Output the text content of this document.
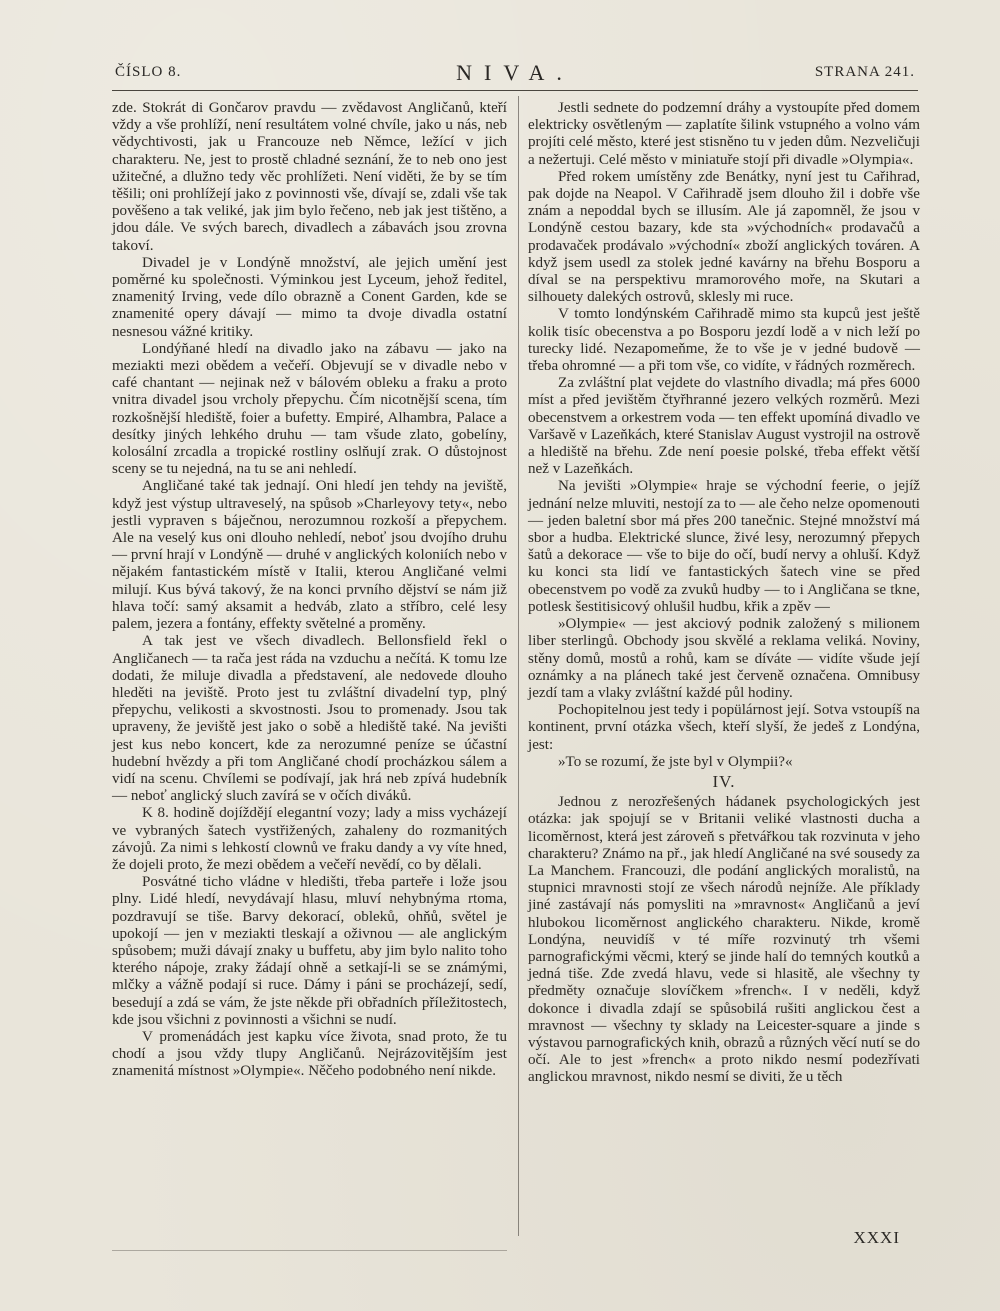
ČÍSLO 8.	NIVA.	STRANA 241.

zde. Stokrát di Gončarov pravdu — zvědavost Angličanů, kteří vždy a vše prohlíží, není resultátem volné chvíle, jako u nás, neb vědychtivosti, jak u Francouze neb Němce, ležící v jich charakteru. Ne, jest to prostě chladné seznání, že to neb ono jest užitečné, a dlužno tedy věc prohlížeti. Není viděti, že by se tím těšili; oni prohlížejí jako z povinnosti vše, dívají se, zdali vše tak pověšeno a tak veliké, jak jim bylo řečeno, neb jak jest tištěno, a jdou dále. Ve svých barech, divadlech a zábavách jsou zrovna takoví.

Divadel je v Londýně množství, ale jejich umění jest poměrné ku společnosti. Výminkou jest Lyceum, jehož ředitel, znamenitý Irving, vede dílo obrazně a Conent Garden, kde se znamenité opery dávají — mimo ta dvoje divadla ostatní nesnesou vážné kritiky.

Londýňané hledí na divadlo jako na zábavu — jako na meziakti mezi obědem a večeří. Objevují se v divadle nebo v café chantant — nejinak než v bálovém obleku a fraku a proto vnitra divadel jsou vrcholy přepychu. Čím nicotnější scena, tím rozkošnější hlediště, foier a bufetty. Empiré, Alhambra, Palace a desítky jiných lehkého druhu — tam všude zlato, gobelíny, kolosální zrcadla a tropické rostliny oslňují zrak. O důstojnost sceny se tu nejedná, na tu se ani nehledí.

Angličané také tak jednají. Oni hledí jen tehdy na jeviště, když jest výstup ultraveselý, na spůsob »Charleyovy tety«, nebo jestli vypraven s báječnou, nerozumnou rozkoší a přepychem. Ale na veselý kus oni dlouho nehledí, neboť jsou dvojího druhu — první hrají v Londýně — druhé v anglických koloniích nebo v nějakém fantastickém místě v Italii, kterou Angličané velmi milují. Kus bývá takový, že na konci prvního dějství se nám již hlava točí: samý aksamit a hedváb, zlato a stříbro, celé lesy palem, jezera a fontány, effekty světelné a proměny.

A tak jest ve všech divadlech. Bellonsfield řekl o Angličanech — ta rača jest ráda na vzduchu a nečítá. K tomu lze dodati, že miluje divadla a představení, ale nedovede dlouho hleděti na jeviště. Proto jest tu zvláštní divadelní typ, plný přepychu, velikosti a skvostnosti. Jsou to promenady. Jsou tak upraveny, že jeviště jest jako o sobě a hlediště také. Na jevišti jest kus nebo koncert, kde za nerozumné peníze se účastní hudební hvězdy a při tom Angličané chodí procházkou sálem a vidí na scenu. Chvílemi se podívají, jak hrá neb zpívá hudebník — neboť anglický sluch zavírá se v očích diváků.

K 8. hodině dojíždějí elegantní vozy; lady a miss vycházejí ve vybraných šatech vystřižených, zahaleny do rozmanitých závojů. Za nimi s lehkostí clownů ve fraku dandy a vy víte hned, že dojeli proto, že mezi obědem a večeří nevědí, co by dělali.

Posvátné ticho vládne v hledišti, třeba parteře i lože jsou plny. Lidé hledí, nevydávají hlasu, mluví nehybnýma rtoma, pozdravují se tiše. Barvy dekorací, obleků, ohňů, světel je upokojí — jen v meziakti tleskají a oživnou — ale anglickým spůsobem; muži dávají znaky u buffetu, aby jim bylo nalito toho kterého nápoje, zraky žádají ohně a setkají-li se se známými, mlčky a vážně podají si ruce. Dámy i páni se procházejí, sedí, besedují a zdá se vám, že jste někde při obřadních příležitostech, kde jsou všichni z povinnosti a všichni se nudí.

V promenádách jest kapku více života, snad proto, že tu chodí a jsou vždy tlupy Angličanů. Nejrázovitějším jest znamenitá místnost »Olympie«. Něčeho podobného není nikde.

Jestli sednete do podzemní dráhy a vystoupíte před domem elektricky osvětleným — zaplatíte šilink vstupného a volno vám projíti celé město, které jest stisněno tu v jeden dům. Nezveličuji a nežertuji. Celé město v miniatuře stojí při divadle »Olympia«.

Před rokem umístěny zde Benátky, nyní jest tu Cařihrad, pak dojde na Neapol. V Cařihradě jsem dlouho žil i dobře vše znám a nepoddal bych se illusím. Ale já zapomněl, že jsou v Londýně cestou bazary, kde sta »východních« prodavačů a prodavaček prodávalo »východní« zboží anglických továren. A když jsem usedl za stolek jedné kavárny na břehu Bosporu a díval se na perspektivu mramorového moře, na Skutari a silhouety dalekých ostrovů, sklesly mi ruce.

V tomto londýnském Cařihradě mimo sta kupců jest ještě kolik tisíc obecenstva a po Bosporu jezdí lodě a v nich leží po turecky lidé. Nezapomeňme, že to vše je v jedné budově — třeba ohromné — a při tom vše, co vidíte, v řádných rozměrech.

Za zvláštní plat vejdete do vlastního divadla; má přes 6000 míst a před jevištěm čtyřhranné jezero velkých rozměrů. Mezi obecenstvem a orkestrem voda — ten effekt upomíná divadlo ve Varšavě v Lazeňkách, které Stanislav August vystrojil na ostrově a hlediště na břehu. Zde není poesie polské, třeba effekt větší než v Lazeňkách.

Na jevišti »Olympie« hraje se východní feerie, o jejíž jednání nelze mluviti, nestojí za to — ale čeho nelze opomenouti — jeden baletní sbor má přes 200 tanečnic. Stejné množství má sbor a hudba. Elektrické slunce, živé lesy, nerozumný přepych šatů a dekorace — vše to bije do očí, budí nervy a ohluší. Když ku konci sta lidí ve fantastických šatech vine se před obecenstvem po vodě za zvuků hudby — to i Angličana se tkne, potlesk šestitisicový ohlušil hudbu, křik a zpěv —

»Olympie« — jest akciový podnik založený s milionem liber sterlingů. Obchody jsou skvělé a reklama veliká. Noviny, stěny domů, mostů a rohů, kam se díváte — vidíte všude její oznámky a na plánech také jest červeně označena. Omnibusy jezdí tam a vlaky zvláštní každé půl hodiny.

Pochopitelnou jest tedy i popülárnost její. Sotva vstoupíš na kontinent, první otázka všech, kteří slyší, že jedeš z Londýna, jest:

»To se rozumí, že jste byl v Olympii?«

IV.

Jednou z nerozřešených hádanek psychologických jest otázka: jak spojují se v Britanii veliké vlastnosti ducha a licoměrnost, která jest zároveň s přetvářkou tak rozvinuta v jeho charakteru? Známo na př., jak hledí Angličané na své sousedy za La Manchem. Francouzi, dle podání anglických moralistů, na stupnici mravnosti stojí ze všech národů nejníže. Ale příklady jiné zastávají nás pomysliti na »mravnost« Angličanů a jeví hlubokou licoměrnost anglického charakteru. Nikde, kromě Londýna, neuvidíš v té míře rozvinutý trh všemi parnografickými věcmi, který se jinde halí do temných koutků a jedná tiše. Zde zvedá hlavu, vede si hlasitě, ale všechny ty předměty označuje slovíčkem »french«. I v neděli, když dokonce i divadla zdají se spůsobilá rušiti anglickou čest a mravnost — všechny ty sklady na Leicester-square a jinde s výstavou parnografických knih, obrazů a různých věcí nutí se do očí. Ale to jest »french« a proto nikdo nesmí podezřívati anglickou mravnost, nikdo nesmí se diviti, že u těch

XXXI
